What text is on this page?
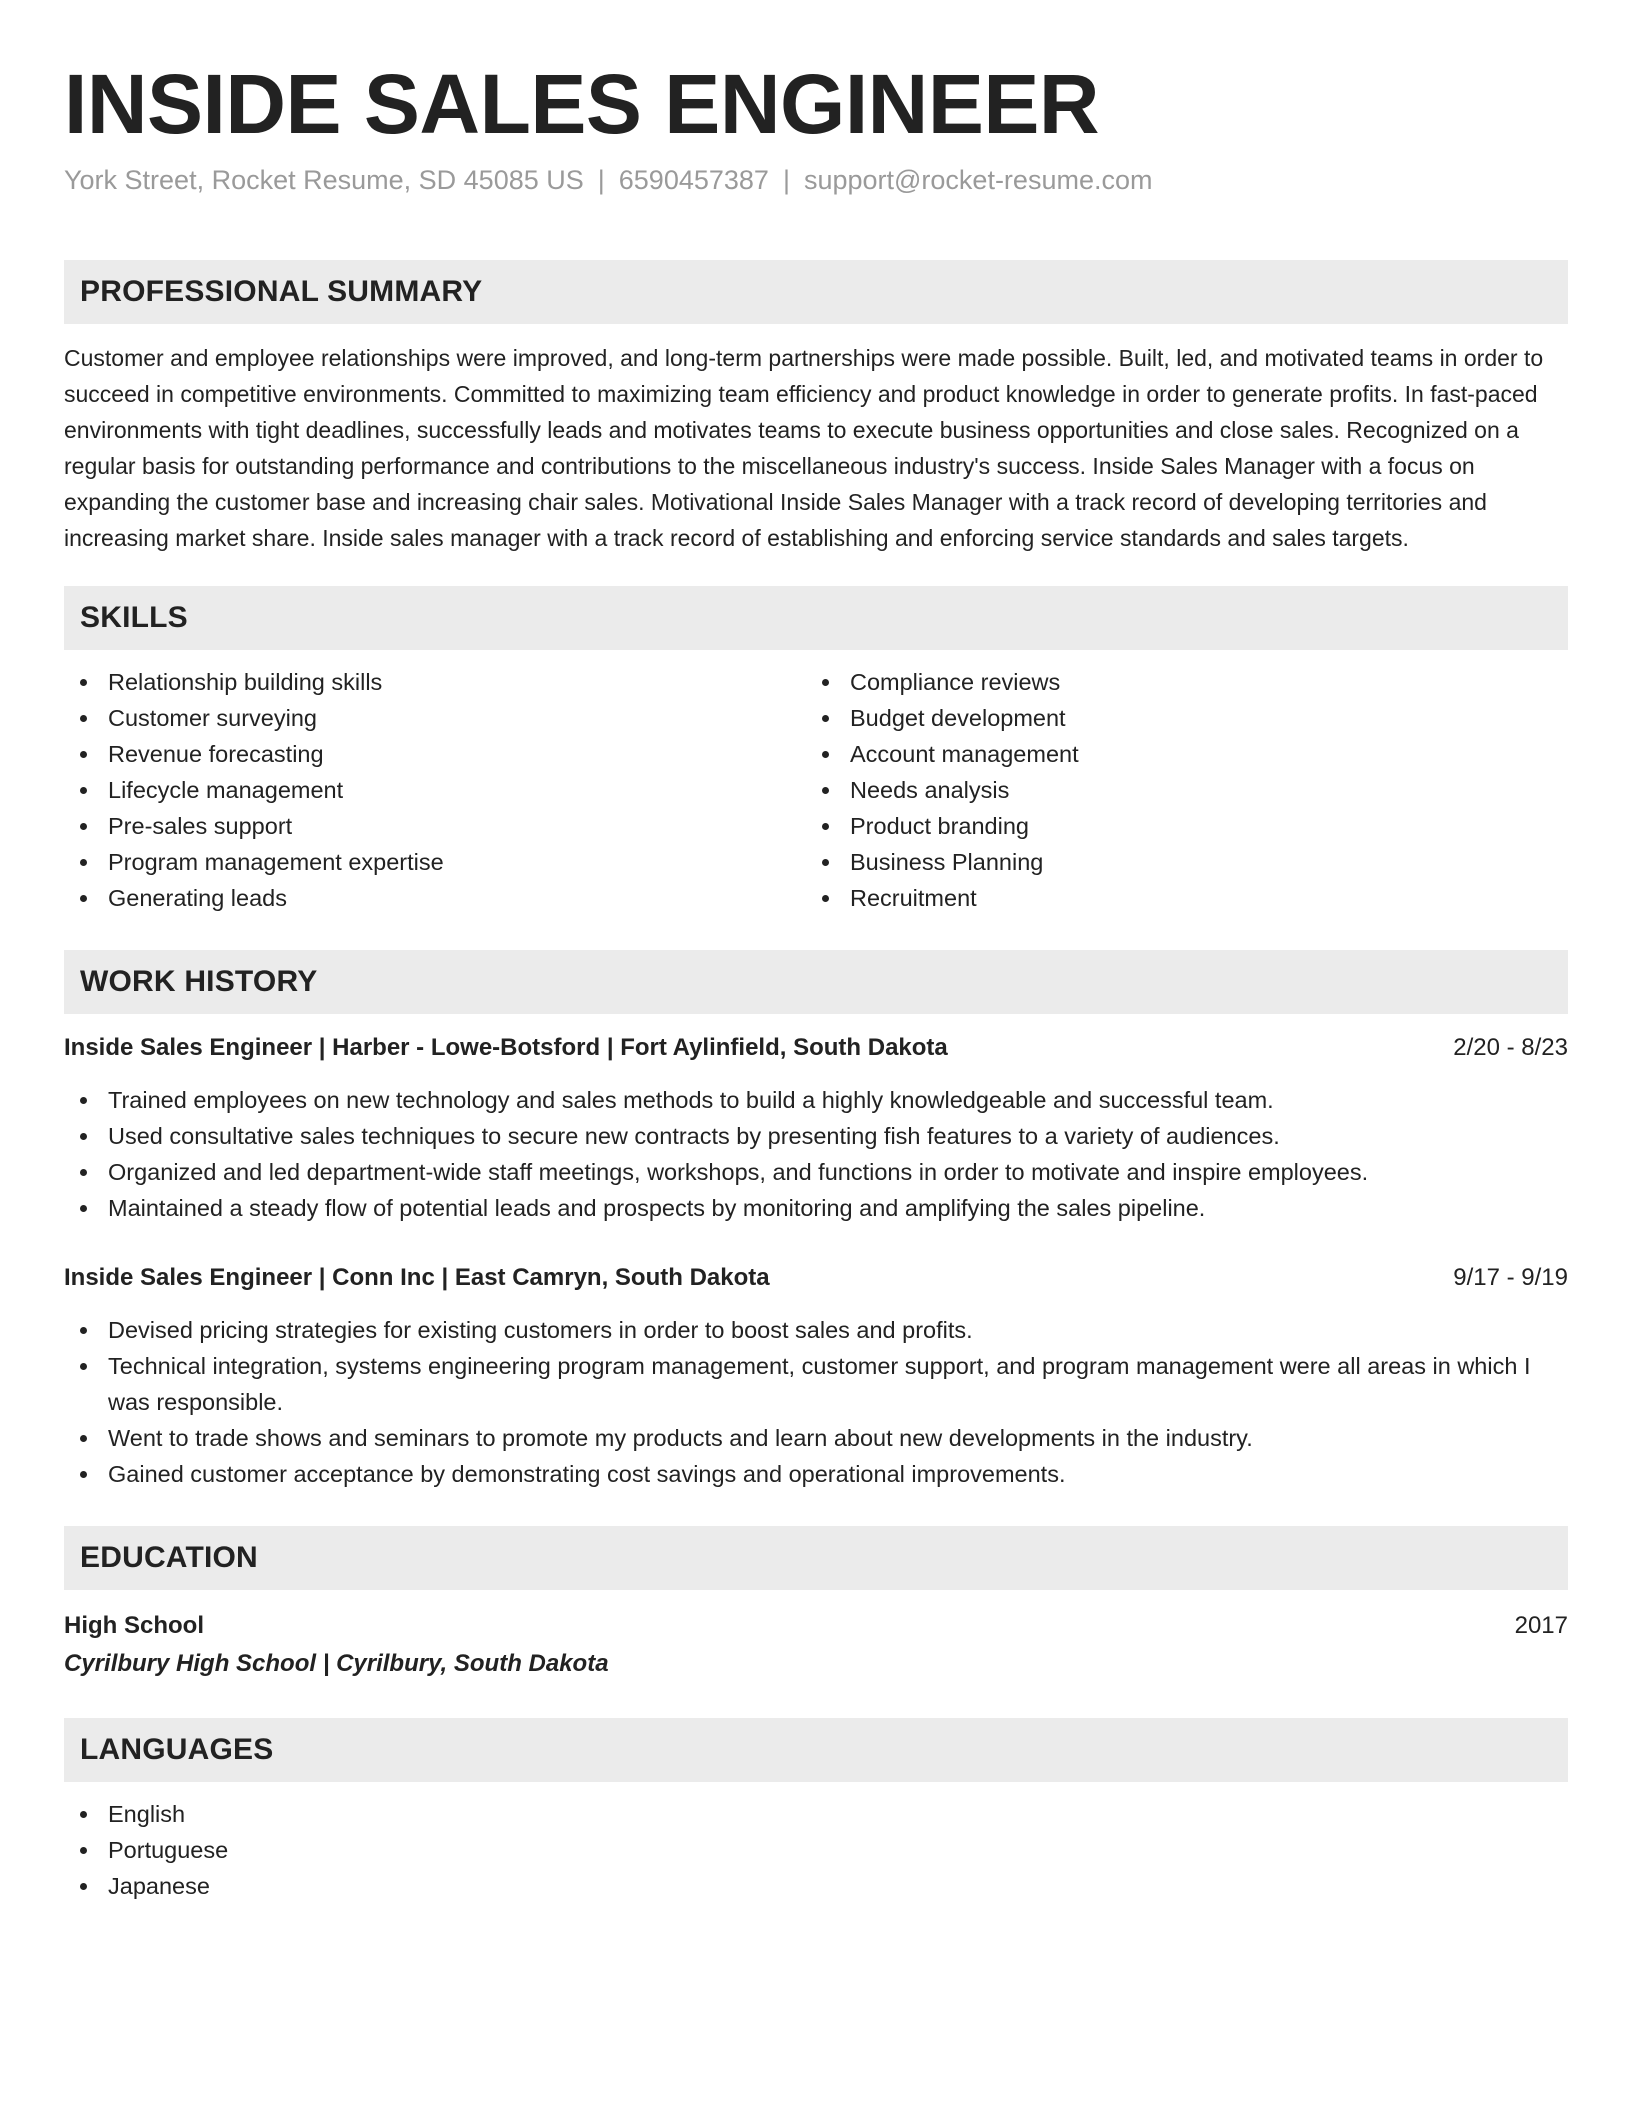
INSIDE SALES ENGINEER
York Street, Rocket Resume, SD 45085 US | 6590457387 | support@rocket-resume.com
PROFESSIONAL SUMMARY

Customer and employee relationships were improved, and long-term partnerships were made possible. Built, led, and motivated teams in order to succeed in competitive environments. Committed to maximizing team efficiency and product knowledge in order to generate profits. In fast-paced environments with tight deadlines, successfully leads and motivates teams to execute business opportunities and close sales. Recognized on a regular basis for outstanding performance and contributions to the miscellaneous industry's success. Inside Sales Manager with a focus on expanding the customer base and increasing chair sales. Motivational Inside Sales Manager with a track record of developing territories and increasing market share. Inside sales manager with a track record of establishing and enforcing service standards and sales targets.

SKILLS
Relationship building skills
Customer surveying
Revenue forecasting
Lifecycle management
Pre-sales support
Program management expertise
Generating leads
Compliance reviews
Budget development
Account management
Needs analysis
Product branding
Business Planning
Recruitment
WORK HISTORY
Inside Sales Engineer | Harber - Lowe-Botsford | Fort Aylinfield, South Dakota	2/20 - 8/23
Trained employees on new technology and sales methods to build a highly knowledgeable and successful team.
Used consultative sales techniques to secure new contracts by presenting fish features to a variety of audiences.
Organized and led department-wide staff meetings, workshops, and functions in order to motivate and inspire employees.
Maintained a steady flow of potential leads and prospects by monitoring and amplifying the sales pipeline.
Inside Sales Engineer | Conn Inc | East Camryn, South Dakota	9/17 - 9/19
Devised pricing strategies for existing customers in order to boost sales and profits.
Technical integration, systems engineering program management, customer support, and program management were all areas in which I was responsible.
Went to trade shows and seminars to promote my products and learn about new developments in the industry.
Gained customer acceptance by demonstrating cost savings and operational improvements.
EDUCATION
High School	2017
Cyrilbury High School | Cyrilbury, South Dakota
LANGUAGES
English
Portuguese
Japanese
